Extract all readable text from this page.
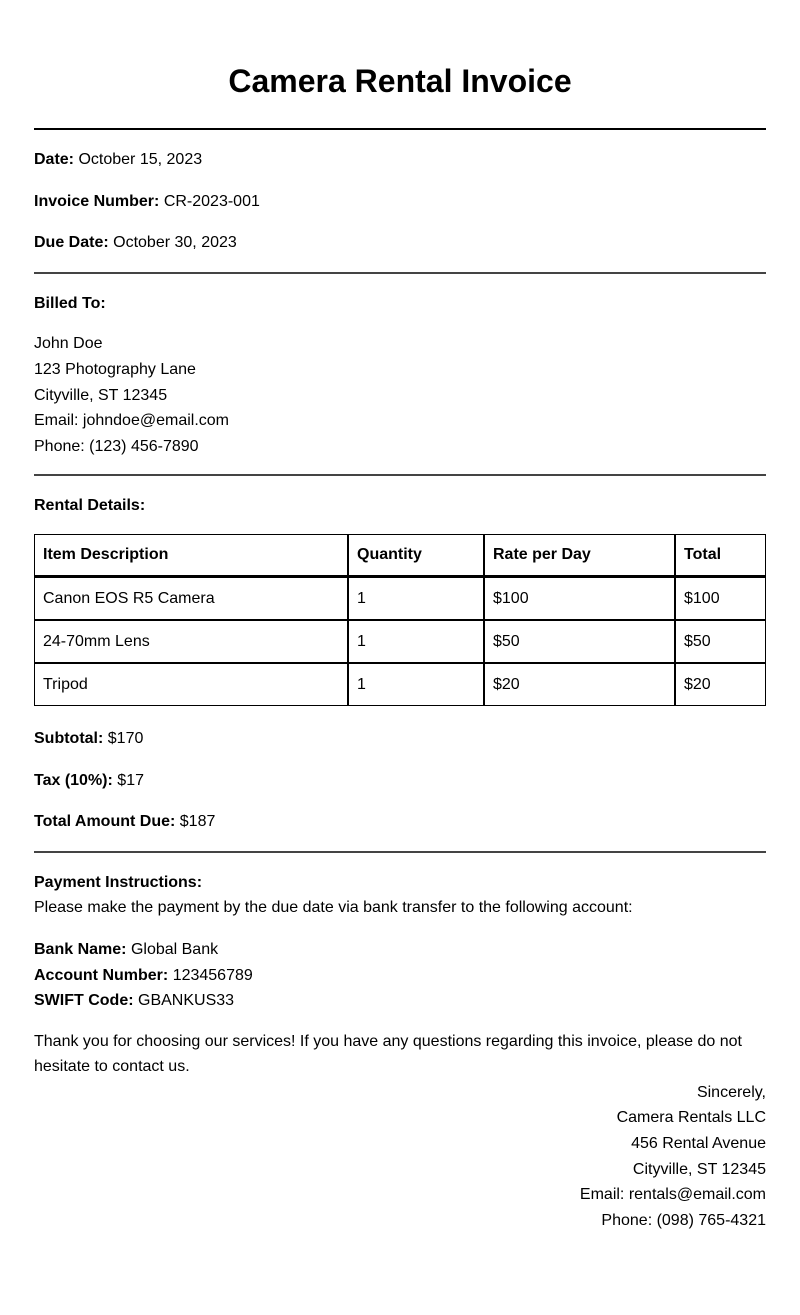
Camera Rental Invoice

Date: October 15, 2023

Invoice Number: CR-2023-001

Due Date: October 30, 2023

Billed To:

John Doe

123 Photography Lane

Cityville, ST 12345

Email: johndoe@email.com

Phone: (123) 456-7890

Rental Details:

Item Description	Quantity	Rate per Day	Total
Canon EOS R5 Camera	1	$100	$100
24-70mm Lens	1	$50	$50
Tripod	1	$20	$20

Subtotal: $170

Tax (10%): $17

Total Amount Due: $187

Payment Instructions:

Please make the payment by the due date via bank transfer to the following account:

Bank Name: Global Bank

Account Number: 123456789

SWIFT Code: GBANKUS33

Thank you for choosing our services! If you have any questions regarding this invoice, please do not hesitate to contact us.

Sincerely,

Camera Rentals LLC

456 Rental Avenue

Cityville, ST 12345

Email: rentals@email.com

Phone: (098) 765-4321
